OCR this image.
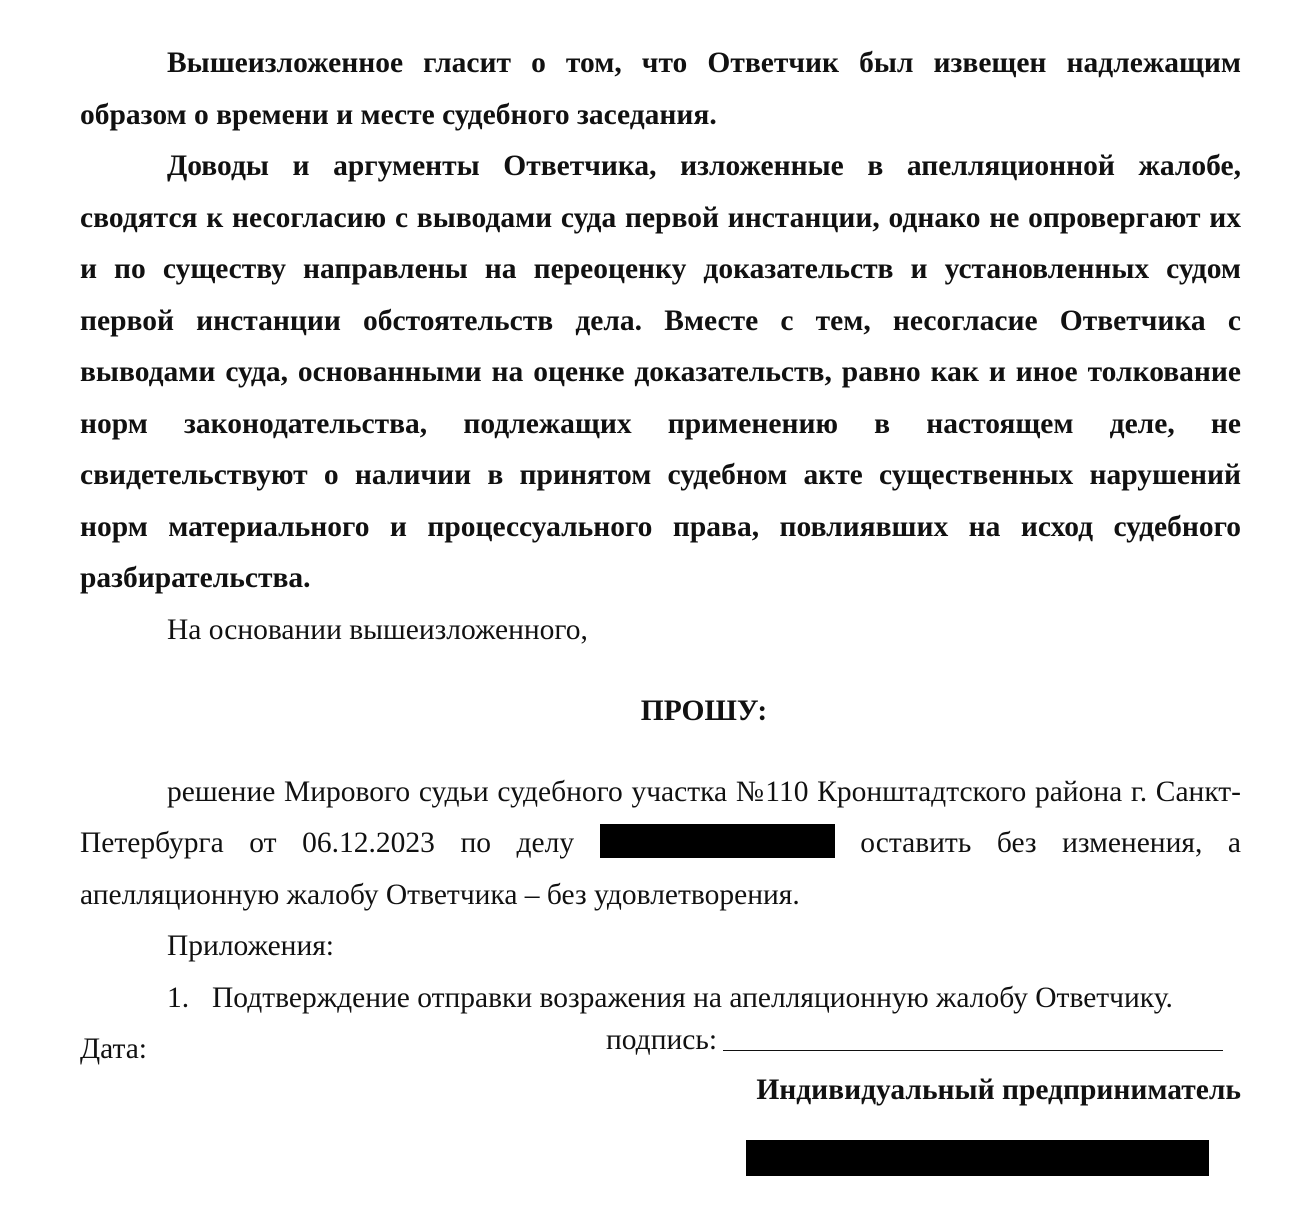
Вышеизложенное гласит о том, что Ответчик был извещен надлежащим образом о времени и месте судебного заседания.

Доводы и аргументы Ответчика, изложенные в апелляционной жалобе, сводятся к несогласию с выводами суда первой инстанции, однако не опровергают их и по существу направлены на переоценку доказательств и установленных судом первой инстанции обстоятельств дела. Вместе с тем, несогласие Ответчика с выводами суда, основанными на оценке доказательств, равно как и иное толкование норм законодательства, подлежащих применению в настоящем деле, не свидетельствуют о наличии в принятом судебном акте существенных нарушений норм материального и процессуального права, повлиявших на исход судебного разбирательства.

На основании вышеизложенного,

ПРОШУ:

решение Мирового судьи судебного участка №110 Кронштадтского района г. Санкт-Петербурга от 06.12.2023 по делу	оставить без изменения, а апелляционную жалобу Ответчика – без удовлетворения.

Приложения:

1. Подтверждение отправки возражения на апелляционную жалобу Ответчику.

Дата:	подпись:
Индивидуальный предприниматель
